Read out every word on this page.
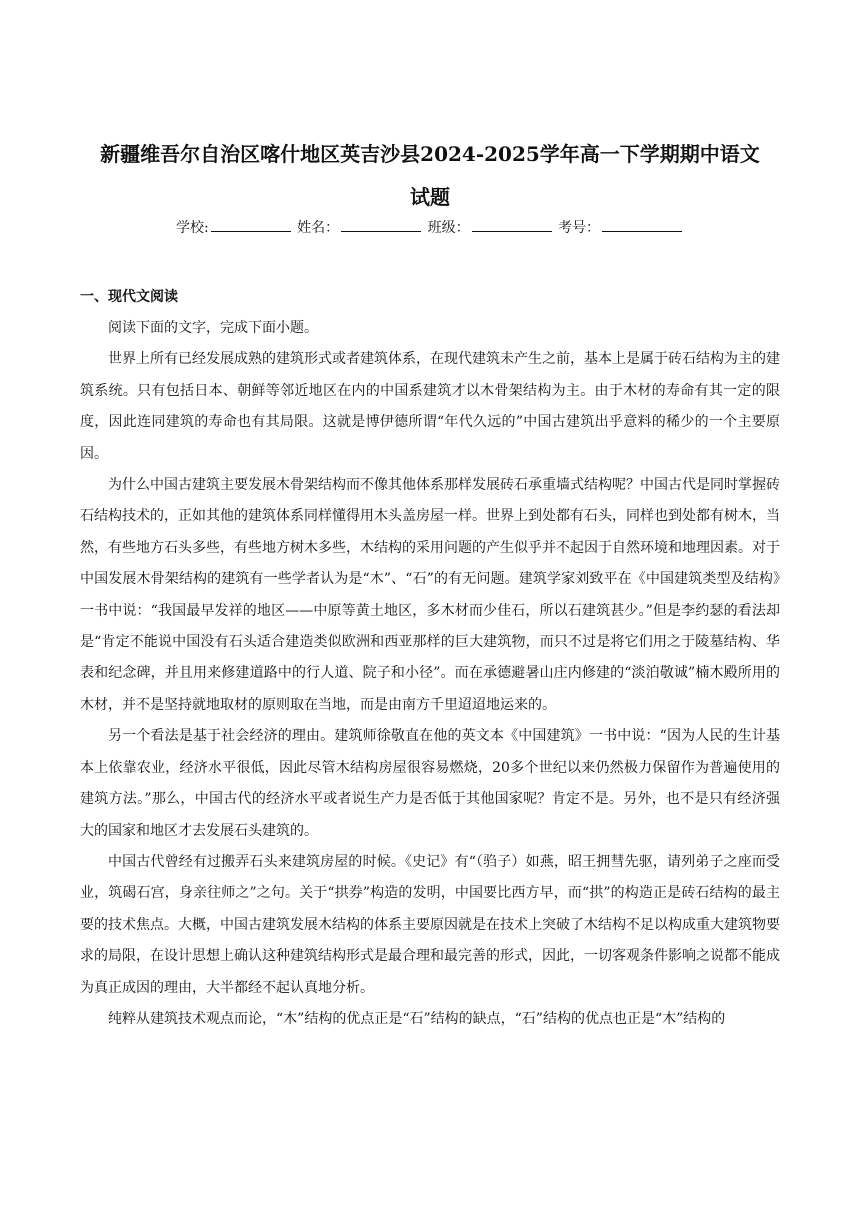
新疆维吾尔自治区喀什地区英吉沙县2024-2025学年高一下学期期中语文
试题
学校:	姓名：	班级：	考号：
一、现代文阅读

阅读下面的文字，完成下面小题。

世界上所有已经发展成熟的建筑形式或者建筑体系，在现代建筑未产生之前，基本上是属于砖石结构为主的建筑系统。只有包括日本、朝鲜等邻近地区在内的中国系建筑才以木骨架结构为主。由于木材的寿命有其一定的限度，因此连同建筑的寿命也有其局限。这就是博伊德所谓“年代久远的”中国古建筑出乎意料的稀少的一个主要原因。

为什么中国古建筑主要发展木骨架结构而不像其他体系那样发展砖石承重墙式结构呢？中国古代是同时掌握砖石结构技术的，正如其他的建筑体系同样懂得用木头盖房屋一样。世界上到处都有石头，同样也到处都有树木，当然，有些地方石头多些，有些地方树木多些，木结构的采用问题的产生似乎并不起因于自然环境和地理因素。对于中国发展木骨架结构的建筑有一些学者认为是“木”、“石”的有无问题。建筑学家刘致平在《中国建筑类型及结构》一书中说：“我国最早发祥的地区——中原等黄土地区，多木材而少佳石，所以石建筑甚少。”但是李约瑟的看法却是“肯定不能说中国没有石头适合建造类似欧洲和西亚那样的巨大建筑物，而只不过是将它们用之于陵墓结构、华表和纪念碑，并且用来修建道路中的行人道、院子和小径”。而在承德避暑山庄内修建的“淡泊敬诚”楠木殿所用的木材，并不是坚持就地取材的原则取在当地，而是由南方千里迢迢地运来的。

另一个看法是基于社会经济的理由。建筑师徐敬直在他的英文本《中国建筑》一书中说：“因为人民的生计基本上依靠农业，经济水平很低，因此尽管木结构房屋很容易燃烧，20多个世纪以来仍然极力保留作为普遍使用的建筑方法。”那么，中国古代的经济水平或者说生产力是否低于其他国家呢？肯定不是。另外，也不是只有经济强大的国家和地区才去发展石头建筑的。

中国古代曾经有过搬弄石头来建筑房屋的时候。《史记》有“（驺子）如燕，昭王拥彗先驱，请列弟子之座而受业，筑碣石宫，身亲往师之”之句。关于“拱券”构造的发明，中国要比西方早，而“拱”的构造正是砖石结构的最主要的技术焦点。大概，中国古建筑发展木结构的体系主要原因就是在技术上突破了木结构不足以构成重大建筑物要求的局限，在设计思想上确认这种建筑结构形式是最合理和最完善的形式，因此，一切客观条件影响之说都不能成为真正成因的理由，大半都经不起认真地分析。

纯粹从建筑技术观点而论，“木”结构的优点正是“石”结构的缺点，“石”结构的优点也正是“木”结构的
